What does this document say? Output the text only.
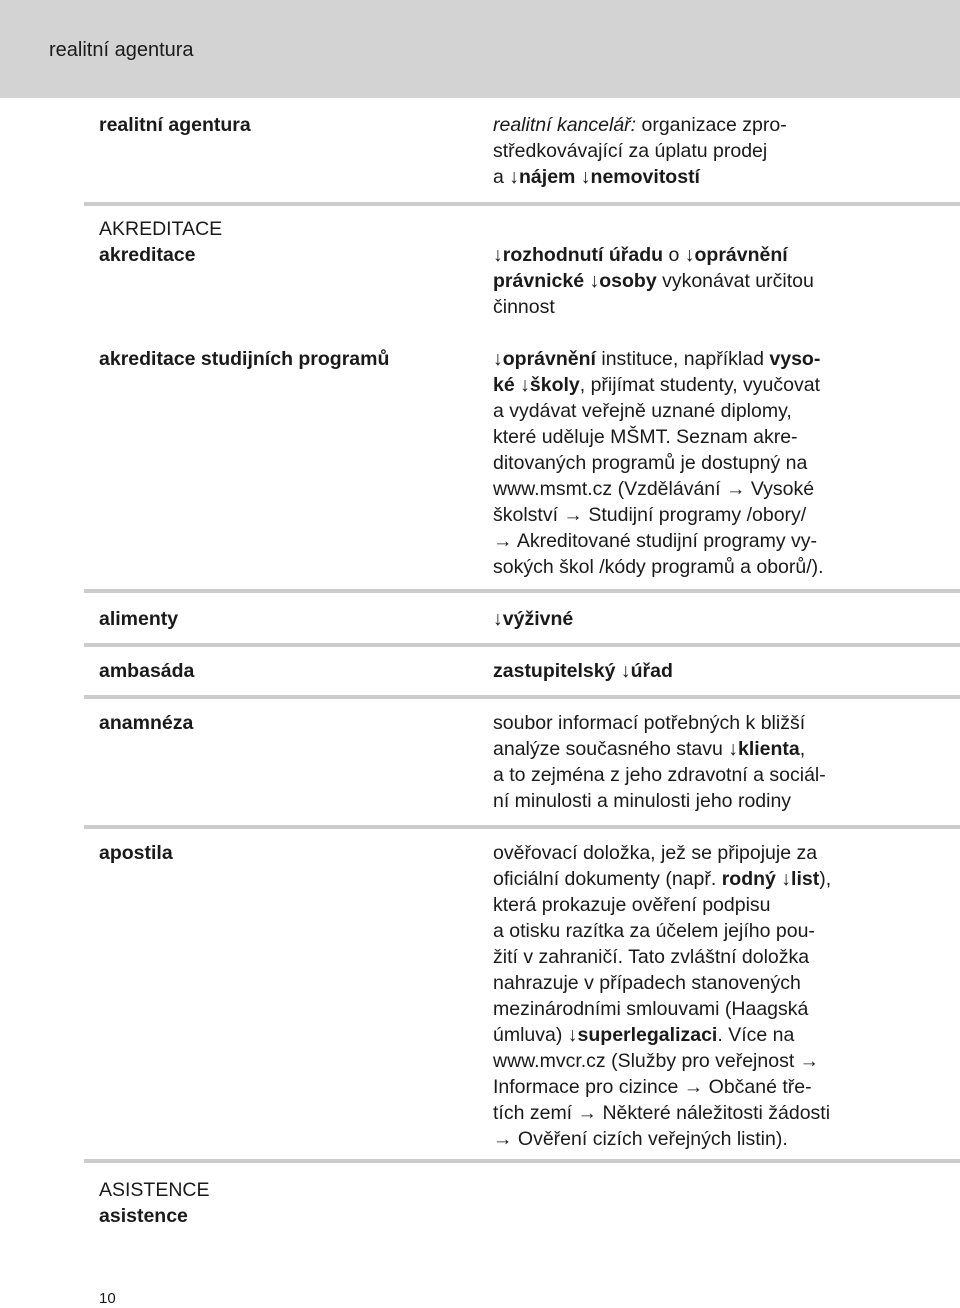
realitní agentura
realitní agentura	realitní kancelář: organizace zpro-
středkovávající za úplatu prodej
a ↓nájem ↓nemovitostí
AKREDITACE
akreditace	↓rozhodnutí úřadu o ↓oprávnění
právnické ↓osoby vykonávat určitou
činnost
akreditace studijních programů	↓oprávnění instituce, například vyso-
ké ↓školy, přijímat studenty, vyučovat
a vydávat veřejně uznané diplomy,
které uděluje MŠMT. Seznam akre-
ditovaných programů je dostupný na
www.msmt.cz (Vzdělávání → Vysoké
školství → Studijní programy /obory/
→ Akreditované studijní programy vy-
sokých škol /kódy programů a oborů/).
alimenty	↓výživné
ambasáda	zastupitelský ↓úřad
anamnéza	soubor informací potřebných k bližší
analýze současného stavu ↓klienta,
a to zejména z jeho zdravotní a sociál-
ní minulosti a minulosti jeho rodiny
apostila	ověřovací doložka, jež se připojuje za
oficiální dokumenty (např. rodný ↓list),
která prokazuje ověření podpisu
a otisku razítka za účelem jejího pou-
žití v zahraničí. Tato zvláštní doložka
nahrazuje v případech stanovených
mezinárodními smlouvami (Haagská
úmluva) ↓superlegalizaci. Více na
www.mvcr.cz (Služby pro veřejnost →
Informace pro cizince → Občané tře-
tích zemí → Některé náležitosti žádosti
→ Ověření cizích veřejných listin).
ASISTENCE
asistence
10
